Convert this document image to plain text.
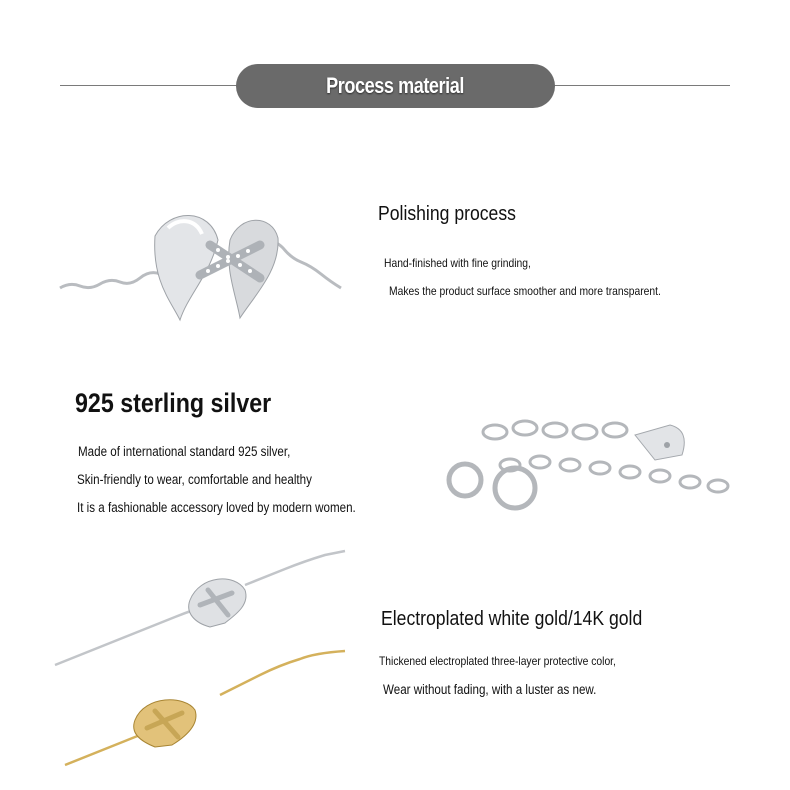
Process material
Polishing process
Hand-finished with fine grinding,
Makes the product surface smoother and more transparent.
925 sterling silver
Made of international standard 925 silver,
Skin-friendly to wear, comfortable and healthy
It is a fashionable accessory loved by modern women.
Electroplated white gold/14K gold
Thickened electroplated three-layer protective color,
Wear without fading, with a luster as new.
